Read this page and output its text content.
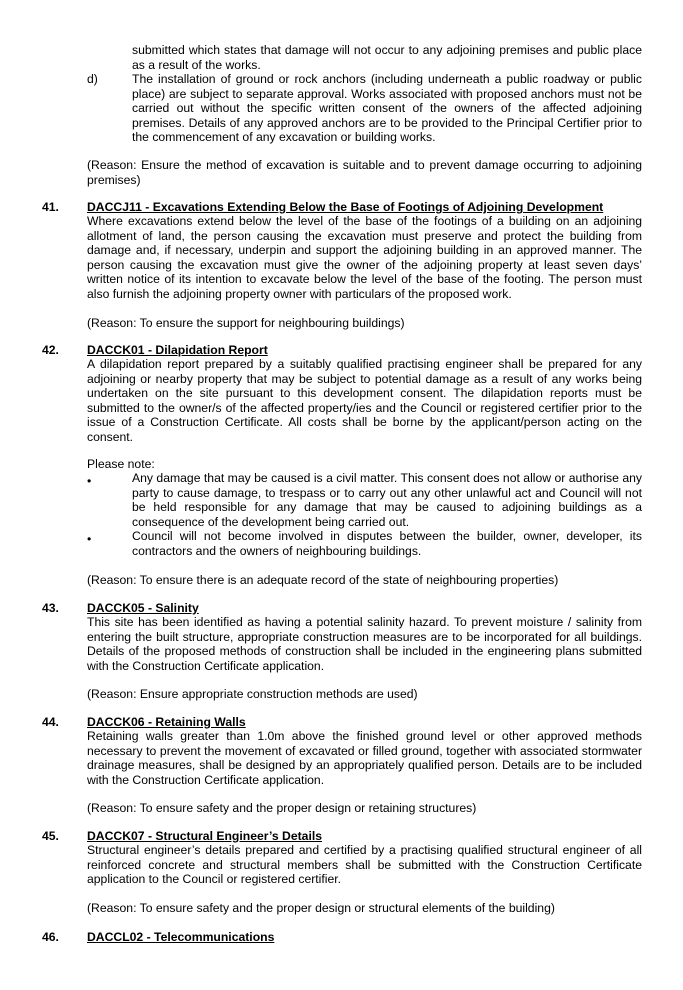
submitted which states that damage will not occur to any adjoining premises and public place as a result of the works.
d)	The installation of ground or rock anchors (including underneath a public roadway or public place) are subject to separate approval. Works associated with proposed anchors must not be carried out without the specific written consent of the owners of the affected adjoining premises. Details of any approved anchors are to be provided to the Principal Certifier prior to the commencement of any excavation or building works.
(Reason: Ensure the method of excavation is suitable and to prevent damage occurring to adjoining premises)
41. DACCJ11 - Excavations Extending Below the Base of Footings of Adjoining Development
Where excavations extend below the level of the base of the footings of a building on an adjoining allotment of land, the person causing the excavation must preserve and protect the building from damage and, if necessary, underpin and support the adjoining building in an approved manner. The person causing the excavation must give the owner of the adjoining property at least seven days’ written notice of its intention to excavate below the level of the base of the footing. The person must also furnish the adjoining property owner with particulars of the proposed work.
(Reason: To ensure the support for neighbouring buildings)
42. DACCK01 - Dilapidation Report
A dilapidation report prepared by a suitably qualified practising engineer shall be prepared for any adjoining or nearby property that may be subject to potential damage as a result of any works being undertaken on the site pursuant to this development consent. The dilapidation reports must be submitted to the owner/s of the affected property/ies and the Council or registered certifier prior to the issue of a Construction Certificate. All costs shall be borne by the applicant/person acting on the consent.
Please note:
•	Any damage that may be caused is a civil matter. This consent does not allow or authorise any party to cause damage, to trespass or to carry out any other unlawful act and Council will not be held responsible for any damage that may be caused to adjoining buildings as a consequence of the development being carried out.
•	Council will not become involved in disputes between the builder, owner, developer, its contractors and the owners of neighbouring buildings.
(Reason: To ensure there is an adequate record of the state of neighbouring properties)
43. DACCK05 - Salinity
This site has been identified as having a potential salinity hazard. To prevent moisture / salinity from entering the built structure, appropriate construction measures are to be incorporated for all buildings. Details of the proposed methods of construction shall be included in the engineering plans submitted with the Construction Certificate application.
(Reason: Ensure appropriate construction methods are used)
44. DACCK06 - Retaining Walls
Retaining walls greater than 1.0m above the finished ground level or other approved methods necessary to prevent the movement of excavated or filled ground, together with associated stormwater drainage measures, shall be designed by an appropriately qualified person. Details are to be included with the Construction Certificate application.
(Reason: To ensure safety and the proper design or retaining structures)
45. DACCK07 - Structural Engineer’s Details
Structural engineer’s details prepared and certified by a practising qualified structural engineer of all reinforced concrete and structural members shall be submitted with the Construction Certificate application to the Council or registered certifier.
(Reason: To ensure safety and the proper design or structural elements of the building)
46. DACCL02 - Telecommunications
